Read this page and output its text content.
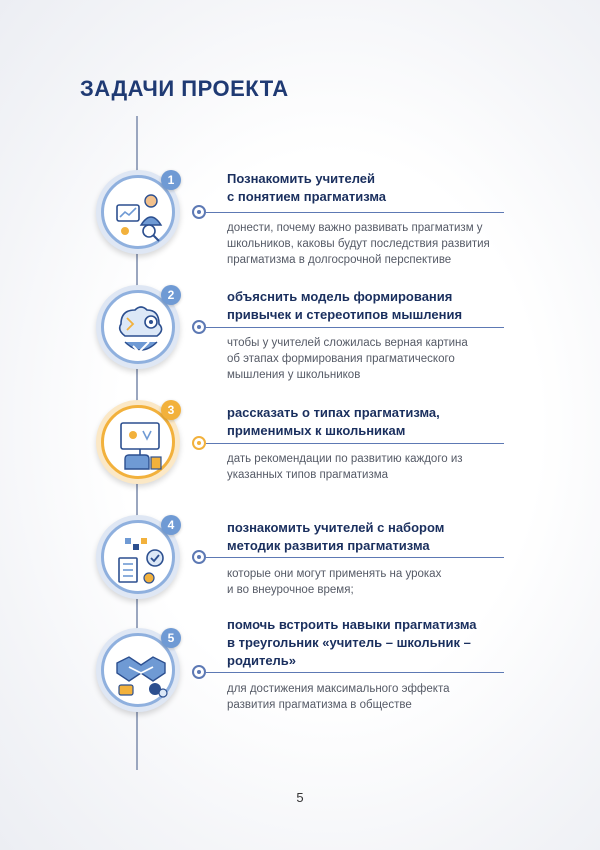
ЗАДАЧИ ПРОЕКТА
1	Познакомить учителей
с понятием прагматизма

донести, почему важно развивать прагматизм у
школьников, каковы будут последствия развития
прагматизма в долгосрочной перспективе

2	объяснить модель формирования
привычек и стереотипов мышления

чтобы у учителей сложилась верная картина
об этапах формирования прагматического
мышления у школьников

3	рассказать о типах прагматизма,
применимых к школьникам

дать рекомендации по развитию каждого из
указанных типов прагматизма

4	познакомить учителей с набором
методик развития прагматизма

которые они могут применять на уроках
и во внеурочное время;

5

помочь встроить навыки прагматизма
в треугольник «учитель – школьник –
родитель»

для достижения максимального эффекта
развития прагматизма в обществе

5
